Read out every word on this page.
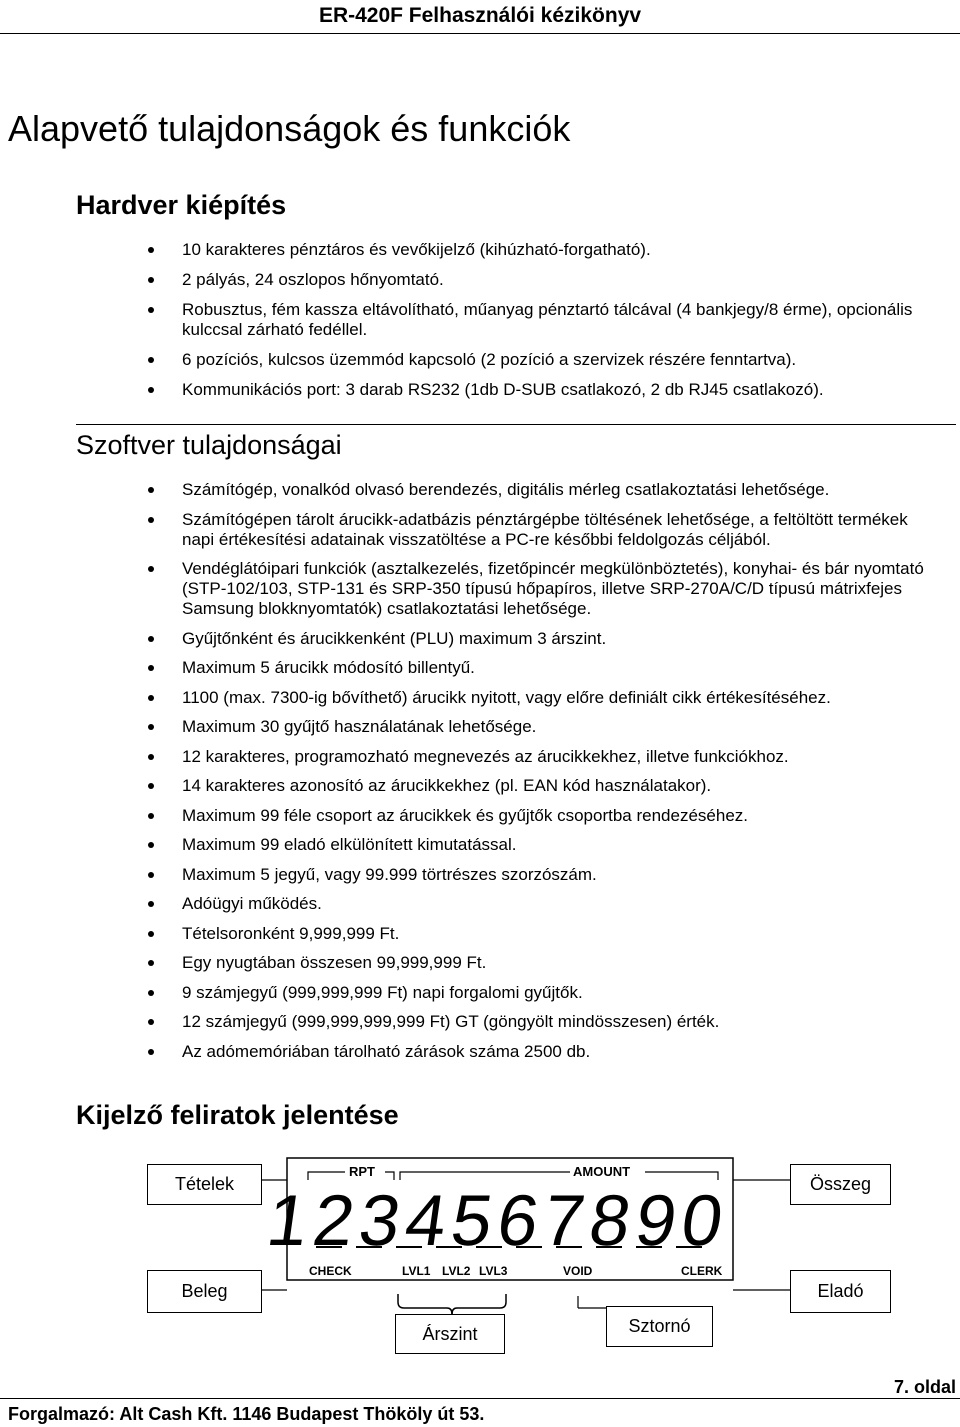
ER-420F Felhasználói kézikönyv
Alapvető tulajdonságok és funkciók
Hardver kiépítés
10 karakteres pénztáros és vevőkijelző (kihúzható-forgatható).
2 pályás, 24 oszlopos hőnyomtató.
Robusztus, fém kassza eltávolítható, műanyag pénztartó tálcával (4 bankjegy/8 érme), opcionális kulccsal zárható fedéllel.
6 pozíciós, kulcsos üzemmód kapcsoló (2 pozíció a szervizek részére fenntartva).
Kommunikációs port: 3 darab RS232 (1db D-SUB csatlakozó, 2 db RJ45 csatlakozó).
Szoftver tulajdonságai
Számítógép, vonalkód olvasó berendezés, digitális mérleg csatlakoztatási lehetősége.
Számítógépen tárolt árucikk-adatbázis pénztárgépbe töltésének lehetősége, a feltöltött termékek napi értékesítési adatainak visszatöltése a PC-re későbbi feldolgozás céljából.
Vendéglátóipari funkciók (asztalkezelés, fizetőpincér megkülönböztetés), konyhai- és bár nyomtató (STP-102/103, STP-131 és SRP-350 típusú hőpapíros, illetve SRP-270A/C/D típusú mátrixfejes Samsung blokknyomtatók) csatlakoztatási lehetősége.
Gyűjtőnként és árucikkenként (PLU) maximum 3 árszint.
Maximum 5 árucikk módosító billentyű.
1100 (max. 7300-ig bővíthető) árucikk nyitott, vagy előre definiált cikk értékesítéséhez.
Maximum 30 gyűjtő használatának lehetősége.
12 karakteres, programozható megnevezés az árucikkekhez, illetve funkciókhoz.
14 karakteres azonosító az árucikkekhez (pl. EAN kód használatakor).
Maximum 99 féle csoport az árucikkek és gyűjtők csoportba rendezéséhez.
Maximum 99 eladó elkülönített kimutatással.
Maximum 5 jegyű, vagy 99.999 törtrészes szorzószám.
Adóügyi működés.
Tételsoronként 9,999,999 Ft.
Egy nyugtában összesen 99,999,999 Ft.
9 számjegyű (999,999,999 Ft) napi forgalomi gyűjtők.
12 számjegyű (999,999,999,999 Ft) GT (göngyölt mindösszesen) érték.
Az adómemóriában tárolható zárások száma 2500 db.
Kijelző feliratok jelentése
1234567890
RPT	AMOUNT
CHECK	LVL1 LVL2 LVL3	VOID	CLERK
Tételek	Összeg
Beleg	Eladó
Árszint	Sztornó
7. oldal
Forgalmazó: Alt Cash Kft. 1146 Budapest Thököly út 53.
